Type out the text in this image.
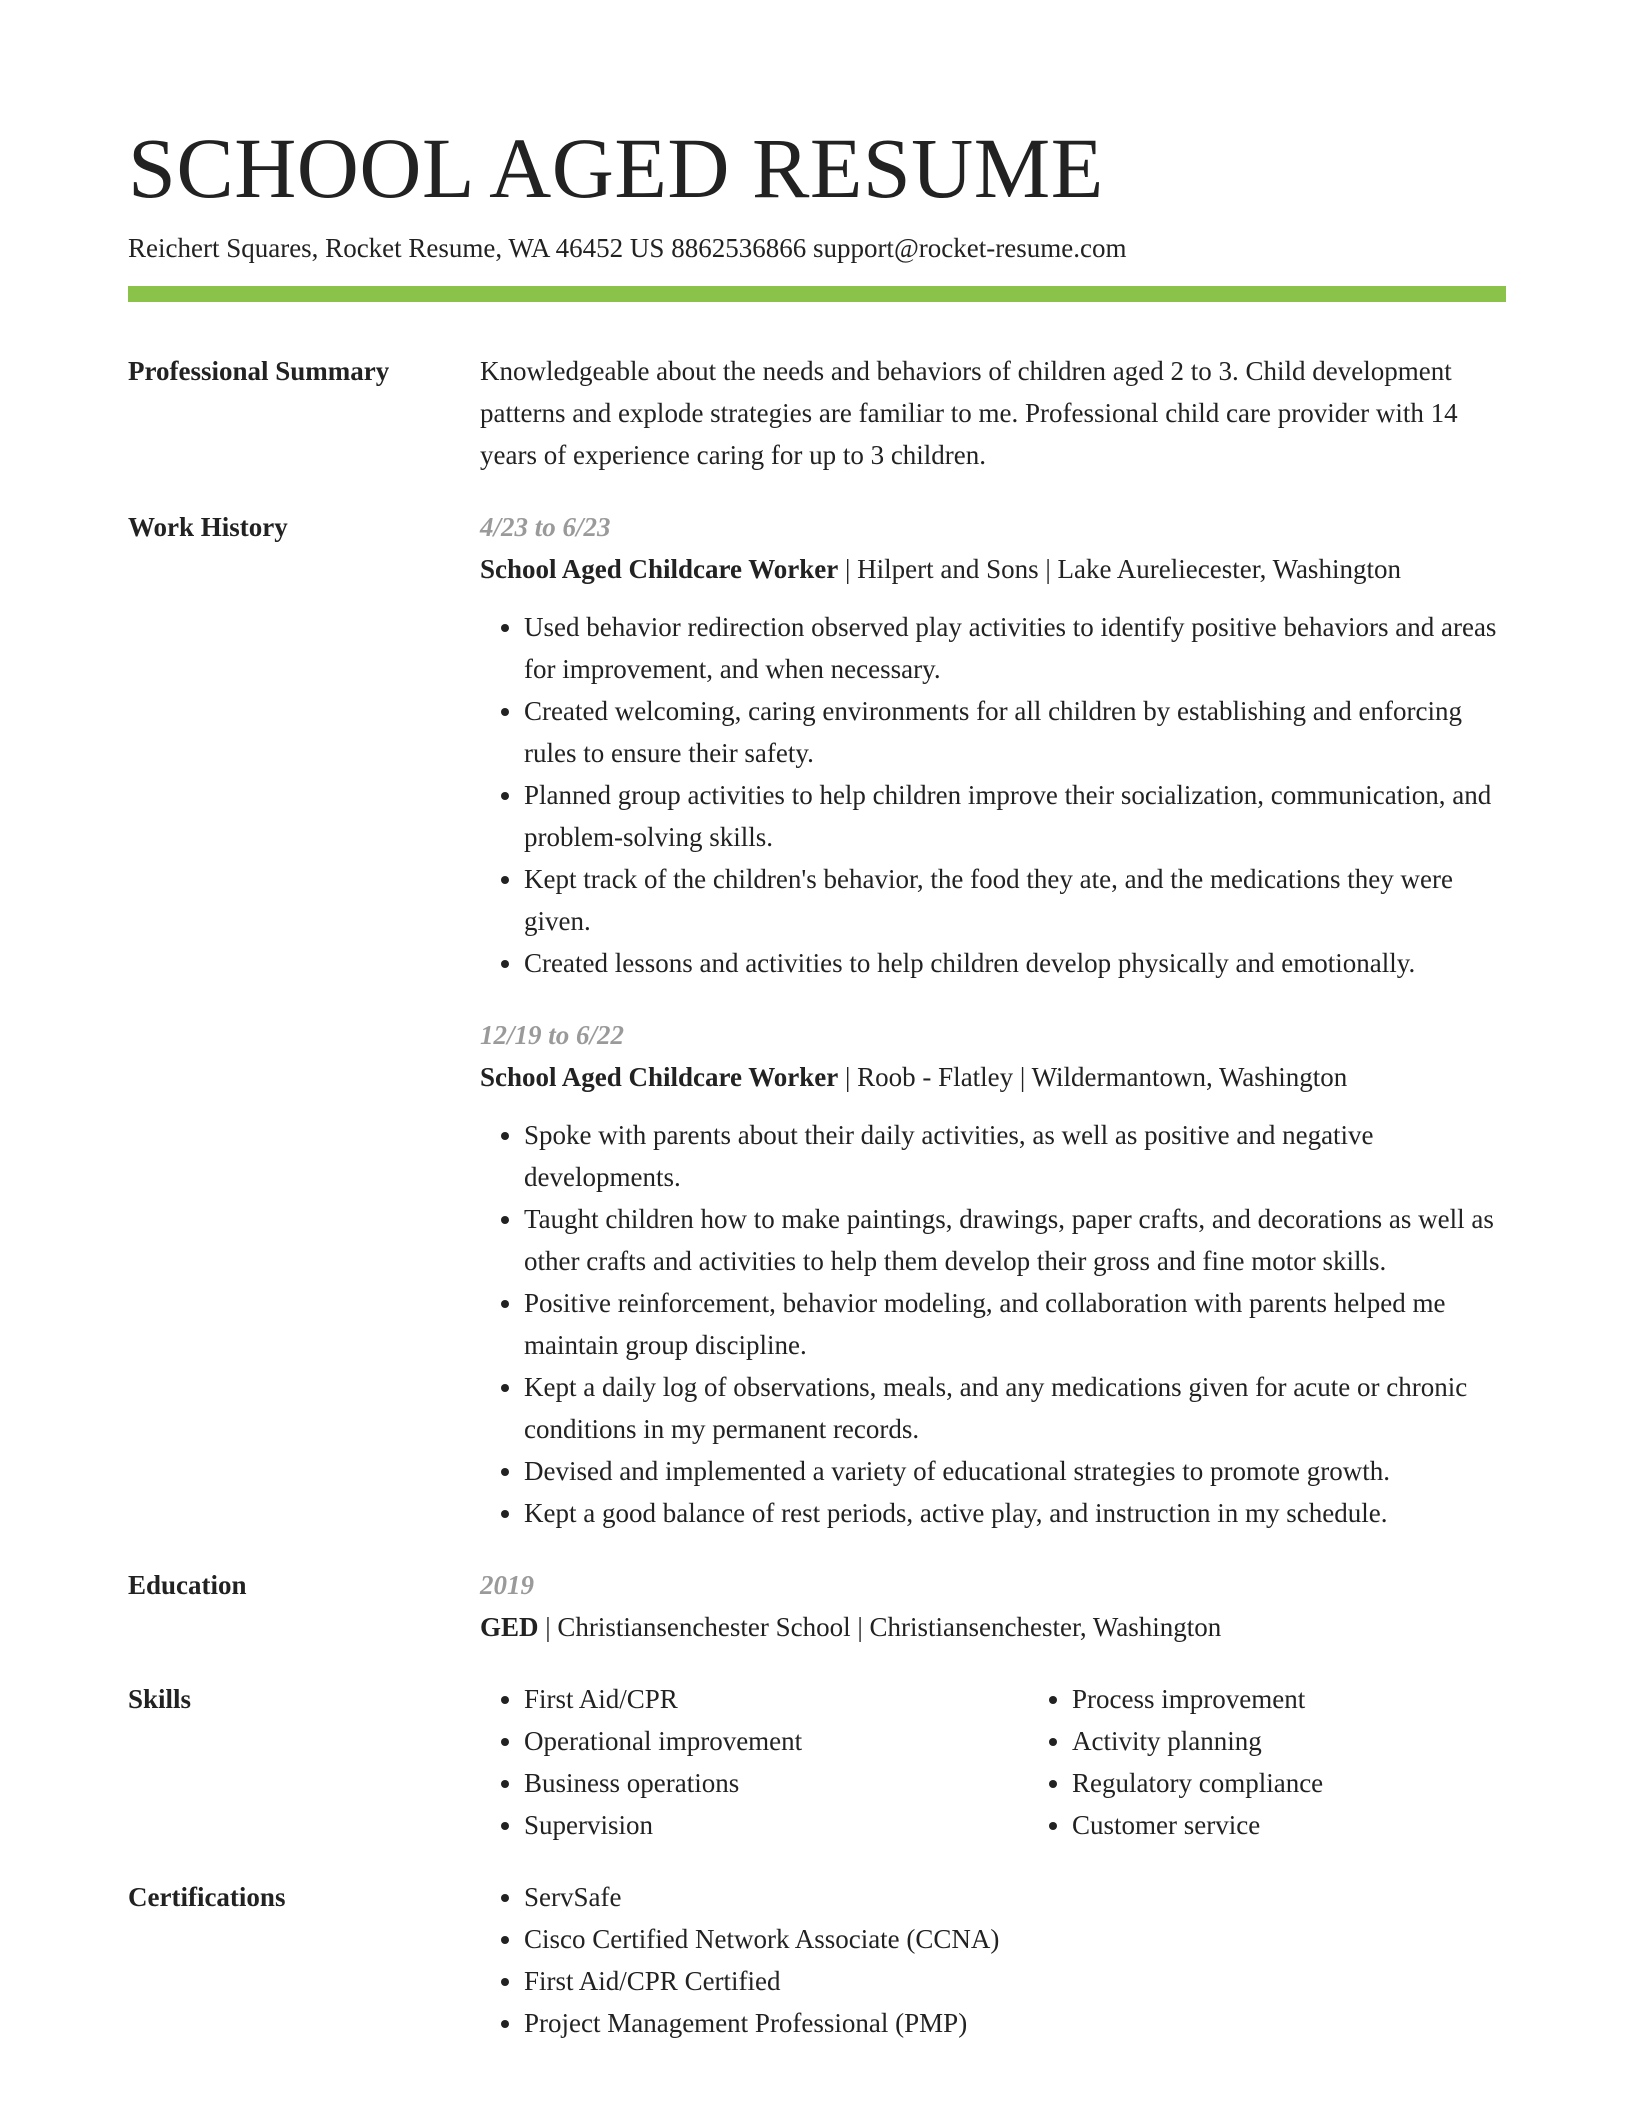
SCHOOL AGED RESUME
Reichert Squares, Rocket Resume, WA 46452 US 8862536866 support@rocket-resume.com
Professional Summary	Knowledgeable about the needs and behaviors of children aged 2 to 3. Child development patterns and explode strategies are familiar to me. Professional child care provider with 14 years of experience caring for up to 3 children.

Work History	4/23 to 6/23

School Aged Childcare Worker | Hilpert and Sons | Lake Aureliecester, Washington

• Used behavior redirection observed play activities to identify positive behaviors and areas for improvement, and when necessary.
• Created welcoming, caring environments for all children by establishing and enforcing rules to ensure their safety.
• Planned group activities to help children improve their socialization, communication, and problem-solving skills.
• Kept track of the children's behavior, the food they ate, and the medications they were given.
• Created lessons and activities to help children develop physically and emotionally.

12/19 to 6/22

School Aged Childcare Worker | Roob - Flatley | Wildermantown, Washington

• Spoke with parents about their daily activities, as well as positive and negative developments.
• Taught children how to make paintings, drawings, paper crafts, and decorations as well as other crafts and activities to help them develop their gross and fine motor skills.
• Positive reinforcement, behavior modeling, and collaboration with parents helped me maintain group discipline.
• Kept a daily log of observations, meals, and any medications given for acute or chronic conditions in my permanent records.
• Devised and implemented a variety of educational strategies to promote growth.
• Kept a good balance of rest periods, active play, and instruction in my schedule.
Education	2019

GED | Christiansenchester School | Christiansenchester, Washington

Skills	• First Aid/CPR
• Operational improvement
• Business operations
• Supervision
• Process improvement
• Activity planning
• Regulatory compliance
• Customer service
Certifications	• ServSafe
• Cisco Certified Network Associate (CCNA)
• First Aid/CPR Certified
• Project Management Professional (PMP)
